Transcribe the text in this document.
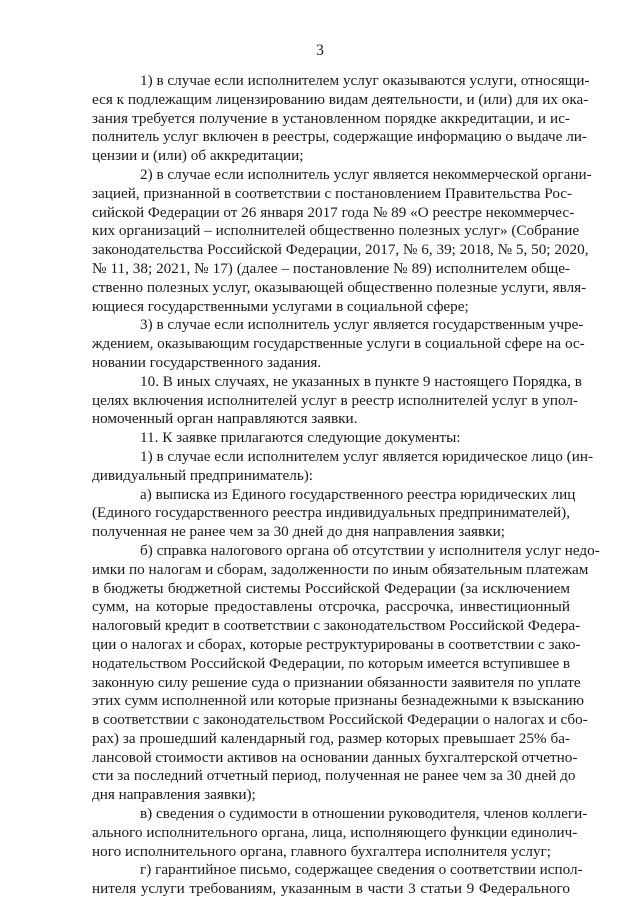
3
1) в случае если исполнителем услуг оказываются услуги, относящи-
еся к подлежащим лицензированию видам деятельности, и (или) для их ока-
зания требуется получение в установленном порядке аккредитации, и ис-
полнитель услуг включен в реестры, содержащие информацию о выдаче ли-
цензии и (или) об аккредитации;
2) в случае если исполнитель услуг является некоммерческой органи-
зацией, признанной в соответствии с постановлением Правительства Рос-
сийской Федерации от 26 января 2017 года № 89 «О реестре некоммерчес-
ких организаций – исполнителей общественно полезных услуг» (Собрание
законодательства Российской Федерации, 2017, № 6, 39; 2018, № 5, 50; 2020,
№ 11, 38; 2021, № 17) (далее – постановление № 89) исполнителем обще-
ственно полезных услуг, оказывающей общественно полезные услуги, явля-
ющиеся государственными услугами в социальной сфере;
3) в случае если исполнитель услуг является государственным учре-
ждением, оказывающим государственные услуги в социальной сфере на ос-
новании государственного задания.
10. В иных случаях, не указанных в пункте 9 настоящего Порядка, в
целях включения исполнителей услуг в реестр исполнителей услуг в упол-
номоченный орган направляются заявки.
11. К заявке прилагаются следующие документы:
1) в случае если исполнителем услуг является юридическое лицо (ин-
дивидуальный предприниматель):
а) выписка из Единого государственного реестра юридических лиц
(Единого государственного реестра индивидуальных предпринимателей),
полученная не ранее чем за 30 дней до дня направления заявки;
б) справка налогового органа об отсутствии у исполнителя услуг недо-
имки по налогам и сборам, задолженности по иным обязательным платежам
в бюджеты бюджетной системы Российской Федерации (за исключением
сумм, на которые предоставлены отсрочка, рассрочка, инвестиционный
налоговый кредит в соответствии с законодательством Российской Федера-
ции о налогах и сборах, которые реструктурированы в соответствии с зако-
нодательством Российской Федерации, по которым имеется вступившее в
законную силу решение суда о признании обязанности заявителя по уплате
этих сумм исполненной или которые признаны безнадежными к взысканию
в соответствии с законодательством Российской Федерации о налогах и сбо-
рах) за прошедший календарный год, размер которых превышает 25% ба-
лансовой стоимости активов на основании данных бухгалтерской отчетно-
сти за последний отчетный период, полученная не ранее чем за 30 дней до
дня направления заявки);
в) сведения о судимости в отношении руководителя, членов коллеги-
ального исполнительного органа, лица, исполняющего функции единолич-
ного исполнительного органа, главного бухгалтера исполнителя услуг;
г) гарантийное письмо, содержащее сведения о соответствии испол-
нителя услуги требованиям, указанным в части 3 статьи 9 Федерального
